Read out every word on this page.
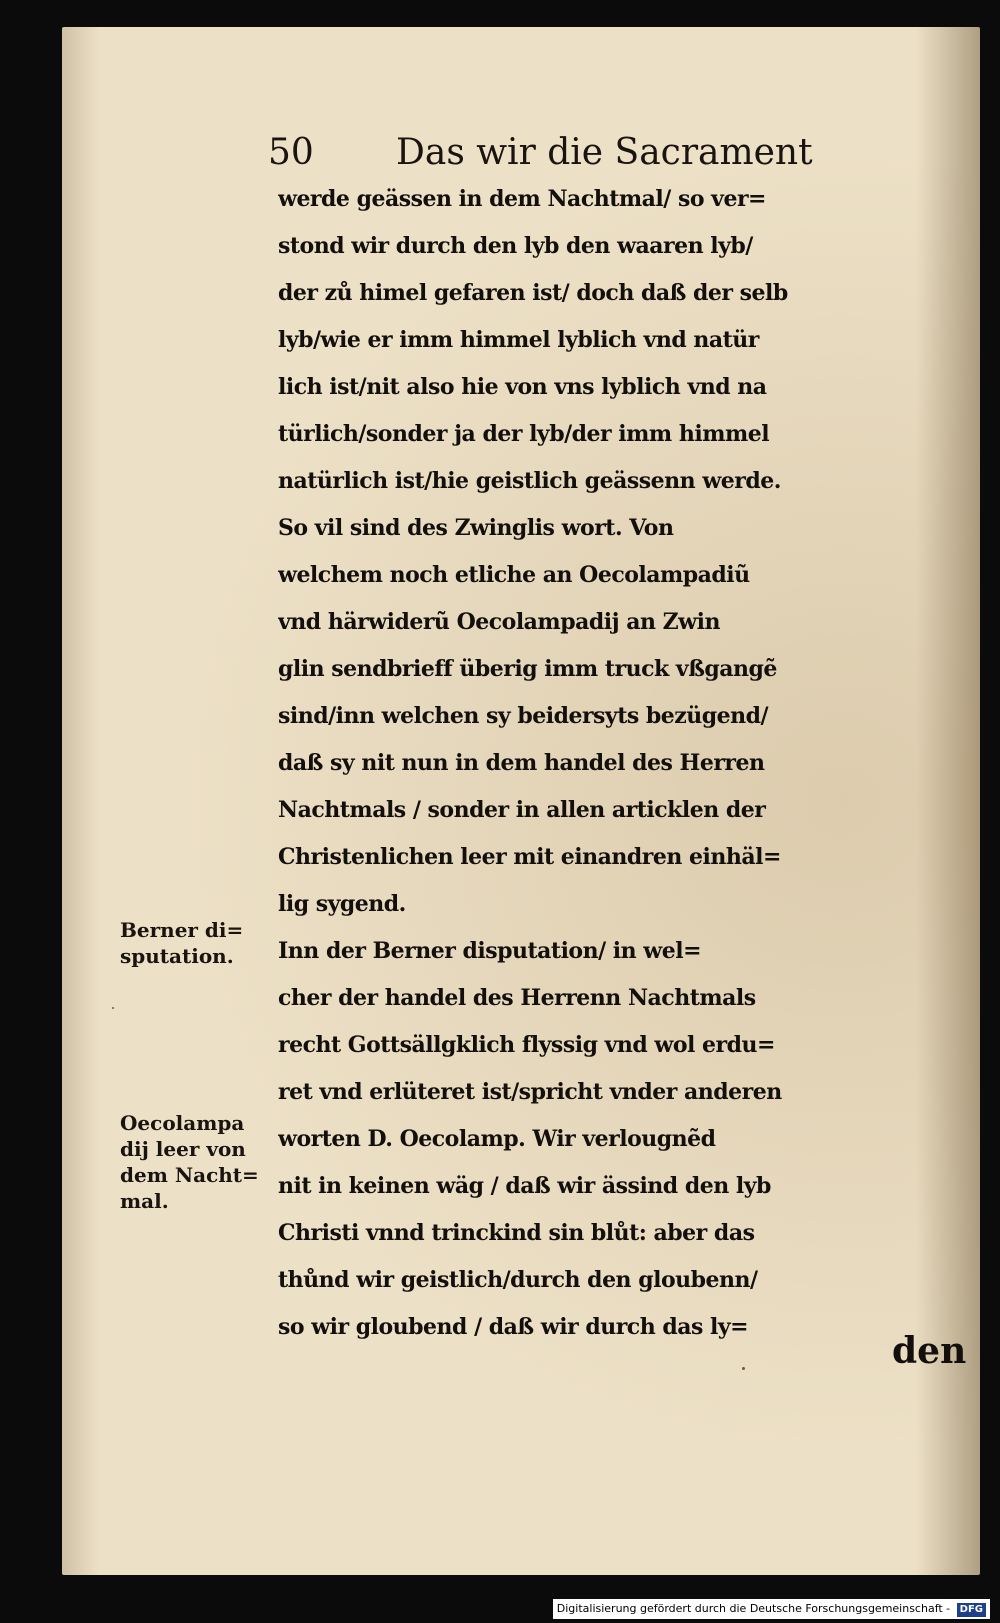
50 Das wir die Sacrament
werde geässen in dem Nachtmal/ so ver=
stond wir durch den lyb den waaren lyb/
der zů himel gefaren ist/ doch daß der selb
lyb/wie er imm himmel lyblich vnd natür
lich ist/nit also hie von vns lyblich vnd na
türlich/sonder ja der lyb/der imm himmel
natürlich ist/hie geistlich geässenn werde.
So vil sind des Zwinglis wort. Von
welchem noch etliche an Oecolampadiũ
vnd härwiderũ Oecolampadij an Zwin
glin sendbrieff überig imm truck vßgangẽ
sind/inn welchen sy beidersyts bezügend/
daß sy nit nun in dem handel des Herren
Nachtmals / sonder in allen articklen der
Christenlichen leer mit einandren einhäl=
lig sygend.
Inn der Berner disputation/ in wel=
cher der handel des Herrenn Nachtmals
recht Gottsällgklich flyssig vnd wol erdu=
ret vnd erlüteret ist/spricht vnder anderen
worten D. Oecolamp. Wir verlougnẽd
nit in keinen wäg / daß wir ässind den lyb
Christi vnnd trinckind sin blůt: aber das
thůnd wir geistlich/durch den gloubenn/
so wir gloubend / daß wir durch das ly=
den
Berner di=
sputation.
Oecolampa
dij leer von
dem Nacht=
mal.
Digitalisierung gefördert durch die Deutsche Forschungsgemeinschaft - DFG
